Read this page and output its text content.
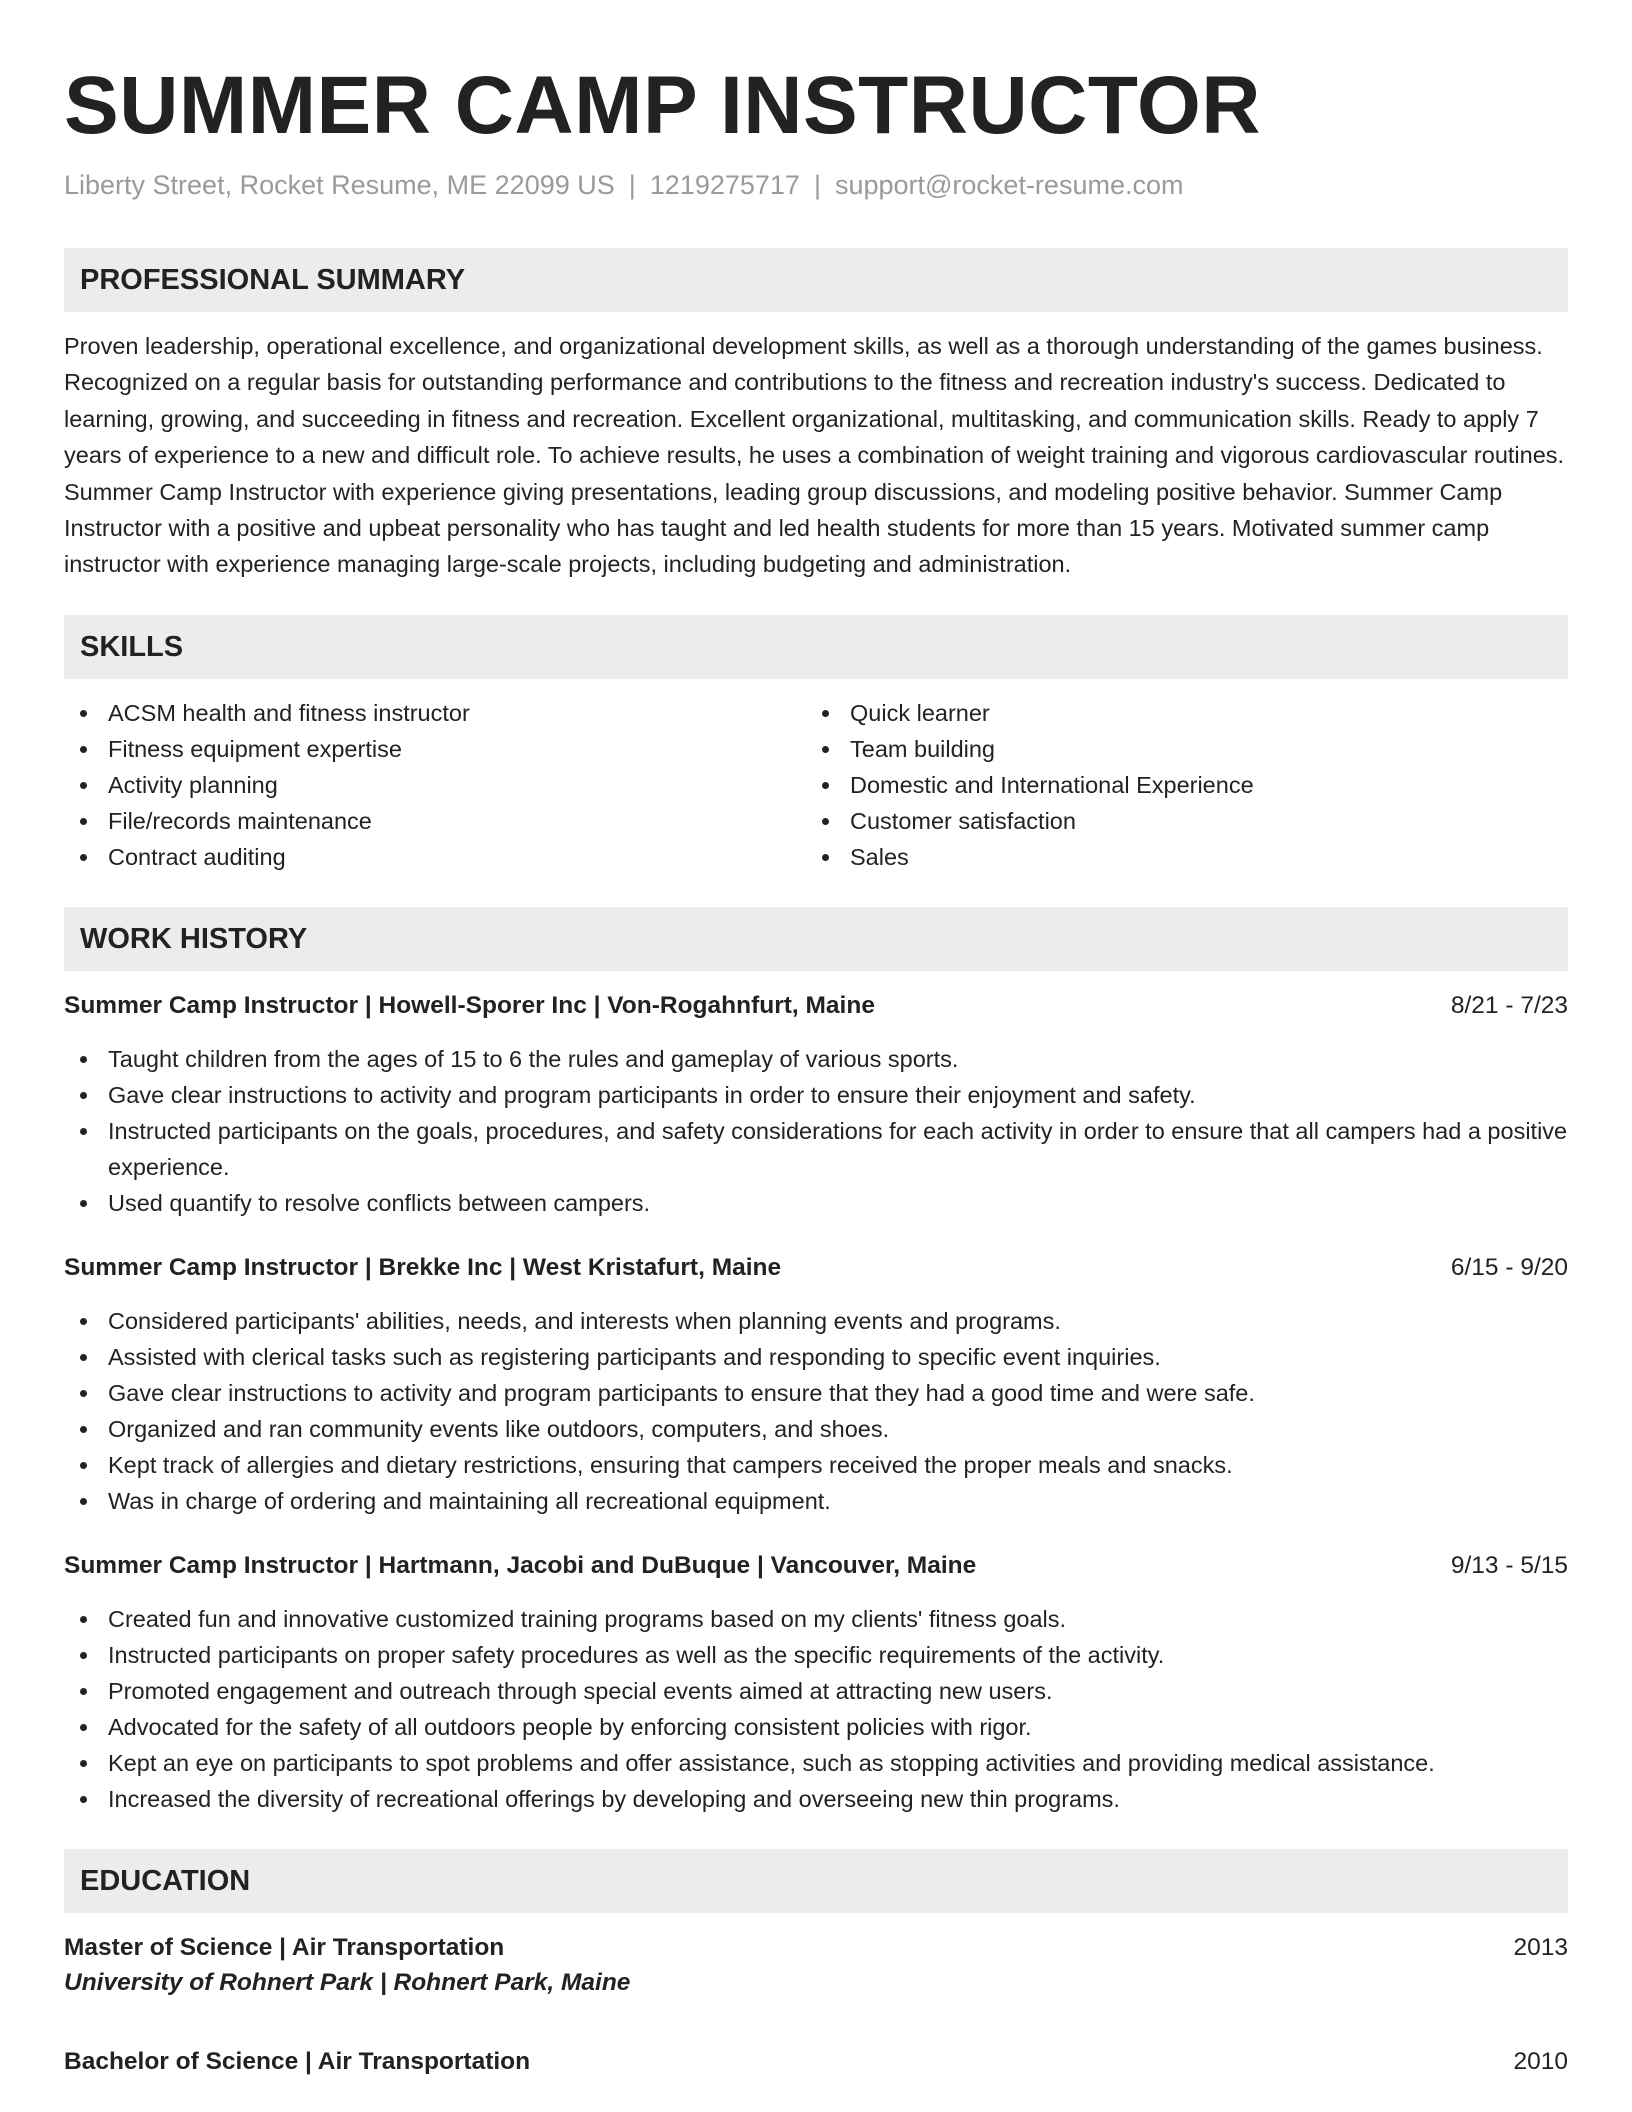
SUMMER CAMP INSTRUCTOR
Liberty Street, Rocket Resume, ME 22099 US | 1219275717 | support@rocket-resume.com
PROFESSIONAL SUMMARY

Proven leadership, operational excellence, and organizational development skills, as well as a thorough understanding of the games business. Recognized on a regular basis for outstanding performance and contributions to the fitness and recreation industry's success. Dedicated to learning, growing, and succeeding in fitness and recreation. Excellent organizational, multitasking, and communication skills. Ready to apply 7 years of experience to a new and difficult role. To achieve results, he uses a combination of weight training and vigorous cardiovascular routines. Summer Camp Instructor with experience giving presentations, leading group discussions, and modeling positive behavior. Summer Camp Instructor with a positive and upbeat personality who has taught and led health students for more than 15 years. Motivated summer camp instructor with experience managing large-scale projects, including budgeting and administration.

SKILLS
ACSM health and fitness instructor
Fitness equipment expertise
Activity planning
File/records maintenance
Contract auditing
Quick learner
Team building
Domestic and International Experience
Customer satisfaction
Sales
WORK HISTORY
Summer Camp Instructor | Howell-Sporer Inc | Von-Rogahnfurt, Maine	8/21 - 7/23
Taught children from the ages of 15 to 6 the rules and gameplay of various sports.
Gave clear instructions to activity and program participants in order to ensure their enjoyment and safety.
Instructed participants on the goals, procedures, and safety considerations for each activity in order to ensure that all campers had a positive experience.
Used quantify to resolve conflicts between campers.
Summer Camp Instructor | Brekke Inc | West Kristafurt, Maine	6/15 - 9/20
Considered participants' abilities, needs, and interests when planning events and programs.
Assisted with clerical tasks such as registering participants and responding to specific event inquiries.
Gave clear instructions to activity and program participants to ensure that they had a good time and were safe.
Organized and ran community events like outdoors, computers, and shoes.
Kept track of allergies and dietary restrictions, ensuring that campers received the proper meals and snacks.
Was in charge of ordering and maintaining all recreational equipment.
Summer Camp Instructor | Hartmann, Jacobi and DuBuque | Vancouver, Maine	9/13 - 5/15
Created fun and innovative customized training programs based on my clients' fitness goals.
Instructed participants on proper safety procedures as well as the specific requirements of the activity.
Promoted engagement and outreach through special events aimed at attracting new users.
Advocated for the safety of all outdoors people by enforcing consistent policies with rigor.
Kept an eye on participants to spot problems and offer assistance, such as stopping activities and providing medical assistance.
Increased the diversity of recreational offerings by developing and overseeing new thin programs.
EDUCATION
Master of Science | Air Transportation	2013
University of Rohnert Park | Rohnert Park, Maine
Bachelor of Science | Air Transportation	2010
